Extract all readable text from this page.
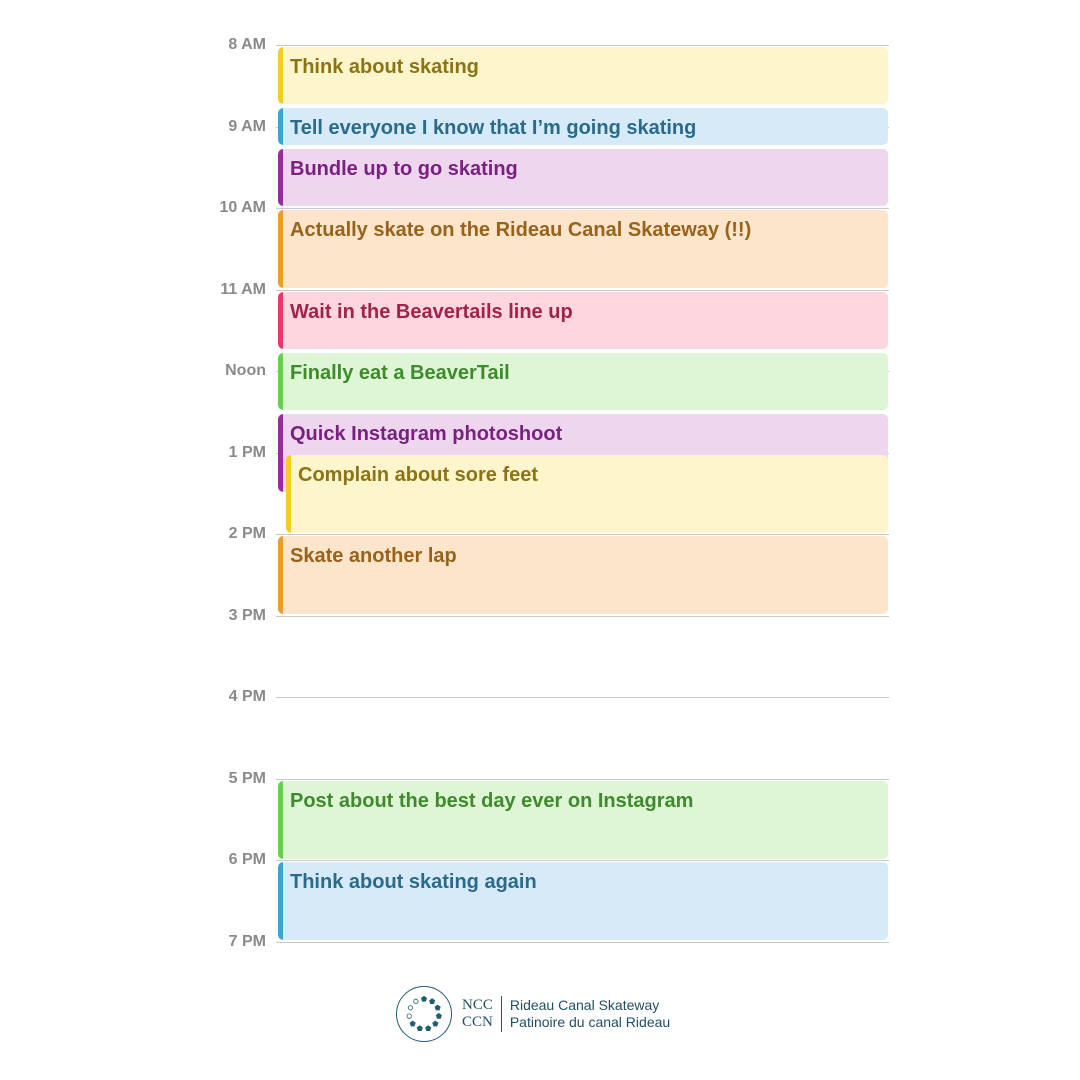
8 AM
9 AM
10 AM
11 AM
Noon
1 PM
2 PM
3 PM
4 PM
5 PM
6 PM
7 PM
Think about skating
Tell everyone I know that I’m going skating
Bundle up to go skating
Actually skate on the Rideau Canal Skateway (!!)
Wait in the Beavertails line up
Finally eat a BeaverTail
Quick Instagram photoshoot
Complain about sore feet
Skate another lap
Post about the best day ever on Instagram
Think about skating again
NCC
CCN
Rideau Canal Skateway
Patinoire du canal Rideau
